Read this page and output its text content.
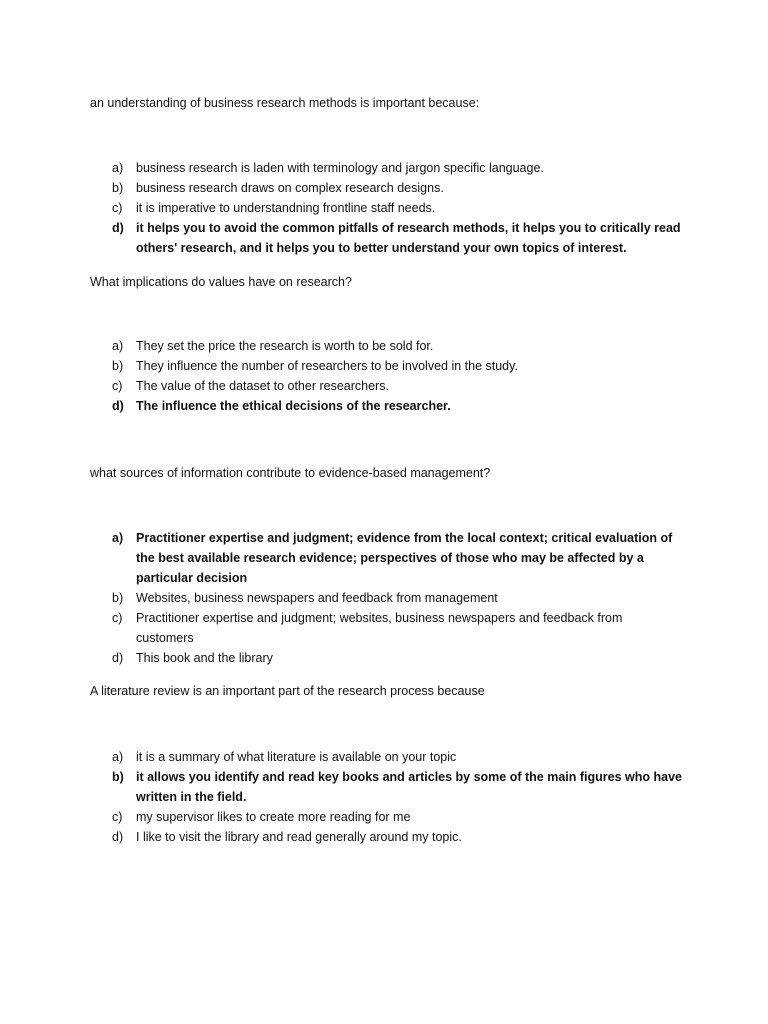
an understanding of business research methods is important because:

a)	business research is laden with terminology and jargon specific language.
b)	business research draws on complex research designs.
c)	it is imperative to understandning frontline staff needs.
d) it helps you to avoid the common pitfalls of research methods, it helps you to critically read others' research, and it helps you to better understand your own topics of interest.

What implications do values have on research?

a)	They set the price the research is worth to be sold for.
b)	They influence the number of researchers to be involved in the study.
c)	The value of the dataset to other researchers.
d) The influence the ethical decisions of the researcher.

what sources of information contribute to evidence-based management?

a)	Practitioner expertise and judgment; evidence from the local context; critical evaluation of the best available research evidence; perspectives of those who may be affected by a particular decision
b)	Websites, business newspapers and feedback from management
c)	Practitioner expertise and judgment; websites, business newspapers and feedback from customers
d)	This book and the library

A literature review is an important part of the research process because

a)	it is a summary of what literature is available on your topic
b) it allows you identify and read key books and articles by some of the main figures who have written in the field.
c)	my supervisor likes to create more reading for me
d)	I like to visit the library and read generally around my topic.
